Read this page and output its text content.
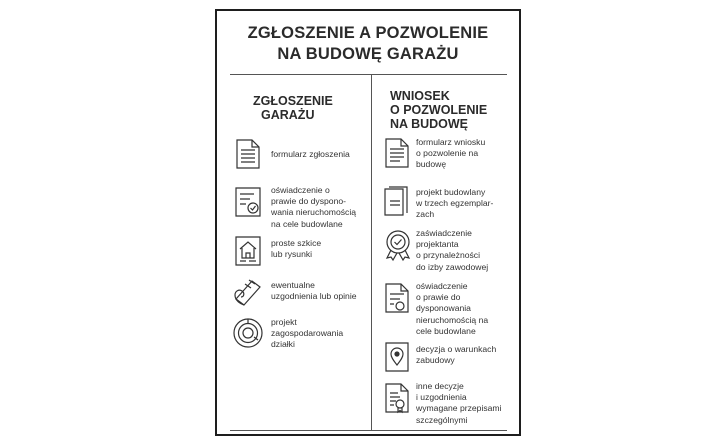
ZGŁOSZENIE A POZWOLENIE
NA BUDOWĘ GARAŻU
ZGŁOSZENIE
GARAŻU
formularz zgłoszenia
oświadczenie o
prawie do dyspono-
wania nieruchomością
na cele budowlane
proste szkice
lub rysunki
ewentualne
uzgodnienia lub opinie
projekt
zagospodarowania
działki
WNIOSEK
O POZWOLENIE
NA BUDOWĘ
formularz wniosku
o pozwolenie na
budowę
projekt budowlany
w trzech egzemplar-
zach
zaświadczenie
projektanta
o przynależności
do izby zawodowej
oświadczenie
o prawie do
dysponowania
nieruchomością na
cele budowlane
decyzja o warunkach
zabudowy
inne decyzje
i uzgodnienia
wymagane przepisami
szczególnymi
